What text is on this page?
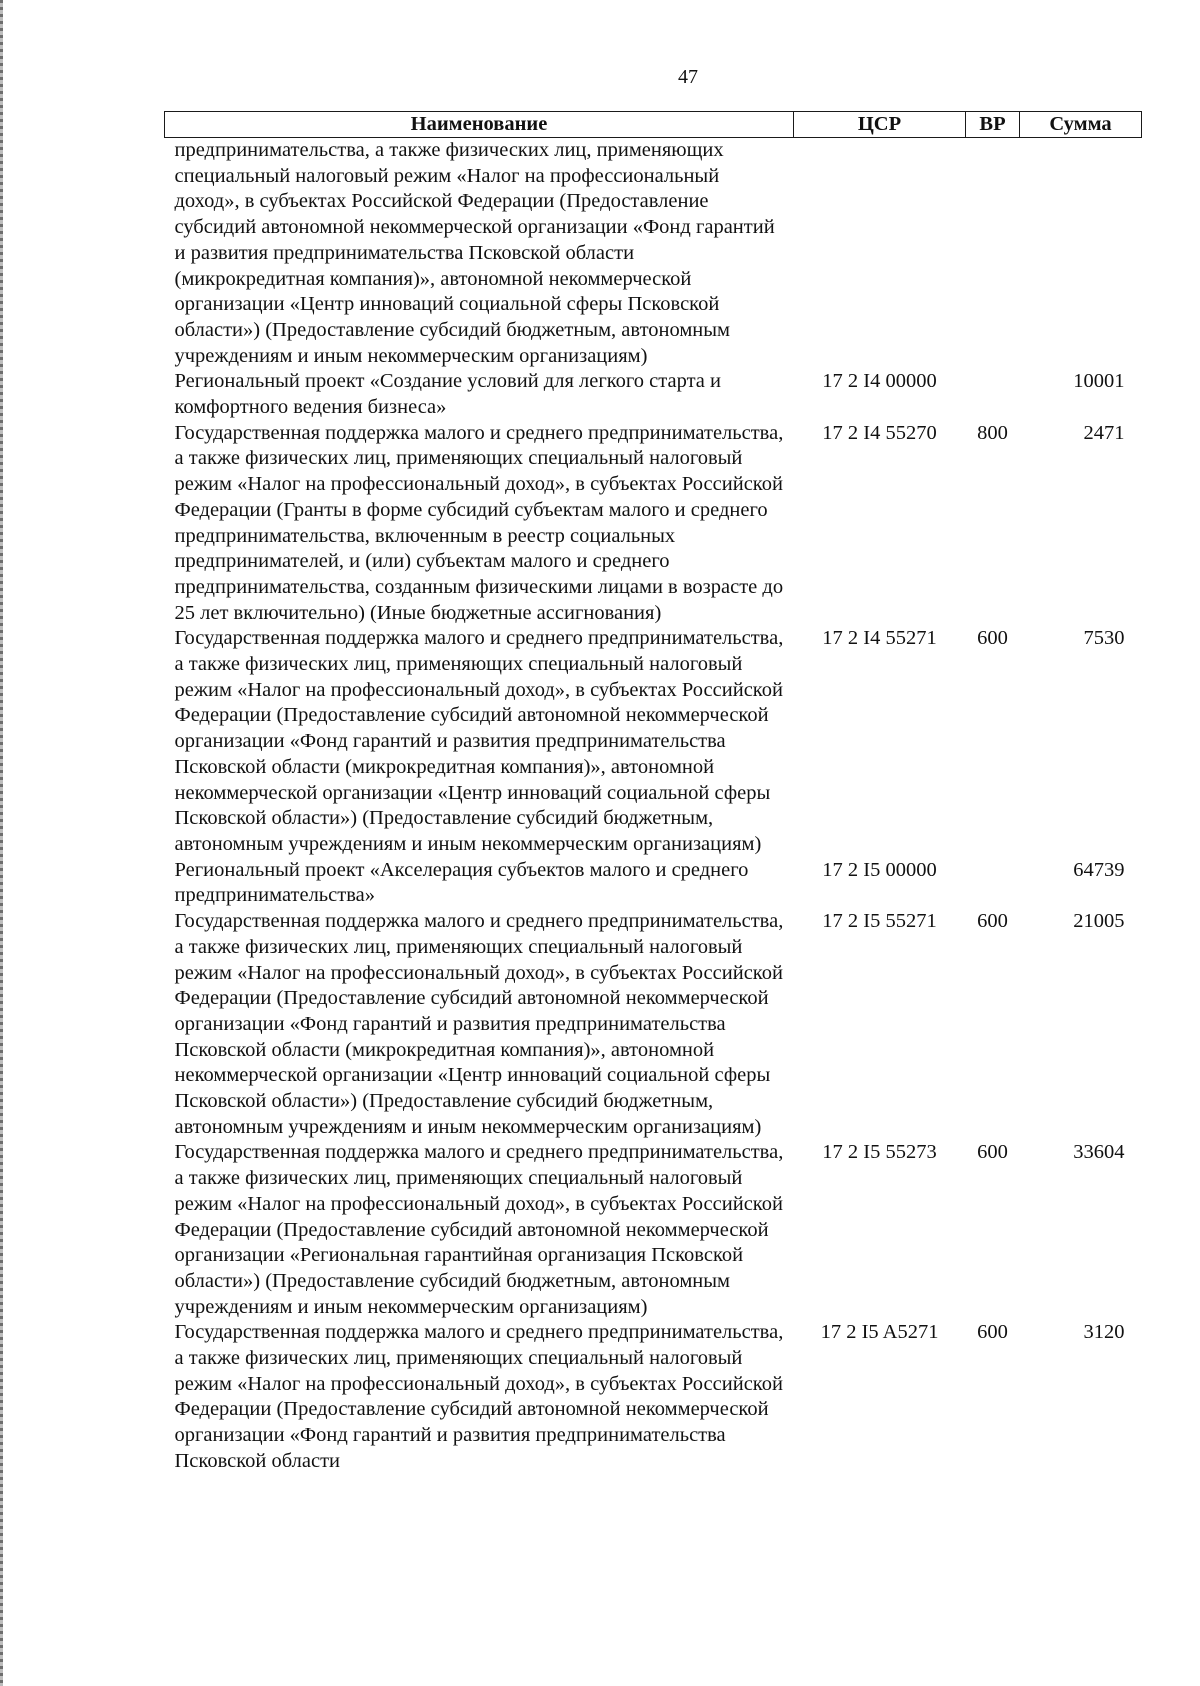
47
Наименование	ЦСР	ВР	Сумма
предпринимательства, а также физических лиц, применяющих специальный налоговый режим «Налог на профессиональный доход», в субъектах Российской Федерации (Предоставление субсидий автономной некоммерческой организации «Фонд гарантий и развития предпринимательства Псковской области (микрокредитная компания)», автономной некоммерческой организации «Центр инноваций социальной сферы Псковской области») (Предоставление субсидий бюджетным, автономным учреждениям и иным некоммерческим организациям)			
Региональный проект «Создание условий для легкого старта и комфортного ведения бизнеса»	17 2 I4 00000		10001
Государственная поддержка малого и среднего предпринимательства, а также физических лиц, применяющих специальный налоговый режим «Налог на профессиональный доход», в субъектах Российской Федерации (Гранты в форме субсидий субъектам малого и среднего предпринимательства, включенным в реестр социальных предпринимателей, и (или) субъектам малого и среднего предпринимательства, созданным физическими лицами в возрасте до 25 лет включительно) (Иные бюджетные ассигнования)	17 2 I4 55270	800	2471
Государственная поддержка малого и среднего предпринимательства, а также физических лиц, применяющих специальный налоговый режим «Налог на профессиональный доход», в субъектах Российской Федерации (Предоставление субсидий автономной некоммерческой организации «Фонд гарантий и развития предпринимательства Псковской области (микрокредитная компания)», автономной некоммерческой организации «Центр инноваций социальной сферы Псковской области») (Предоставление субсидий бюджетным, автономным учреждениям и иным некоммерческим организациям)	17 2 I4 55271	600	7530
Региональный проект «Акселерация субъектов малого и среднего предпринимательства»	17 2 I5 00000		64739
Государственная поддержка малого и среднего предпринимательства, а также физических лиц, применяющих специальный налоговый режим «Налог на профессиональный доход», в субъектах Российской Федерации (Предоставление субсидий автономной некоммерческой организации «Фонд гарантий и развития предпринимательства Псковской области (микрокредитная компания)», автономной некоммерческой организации «Центр инноваций социальной сферы Псковской области») (Предоставление субсидий бюджетным, автономным учреждениям и иным некоммерческим организациям)	17 2 I5 55271	600	21005
Государственная поддержка малого и среднего предпринимательства, а также физических лиц, применяющих специальный налоговый режим «Налог на профессиональный доход», в субъектах Российской Федерации (Предоставление субсидий автономной некоммерческой организации «Региональная гарантийная организация Псковской области») (Предоставление субсидий бюджетным, автономным учреждениям и иным некоммерческим организациям)	17 2 I5 55273	600	33604
Государственная поддержка малого и среднего предпринимательства, а также физических лиц, применяющих специальный налоговый режим «Налог на профессиональный доход», в субъектах Российской Федерации (Предоставление субсидий автономной некоммерческой организации «Фонд гарантий и развития предпринимательства Псковской области	17 2 I5 A5271	600	3120
